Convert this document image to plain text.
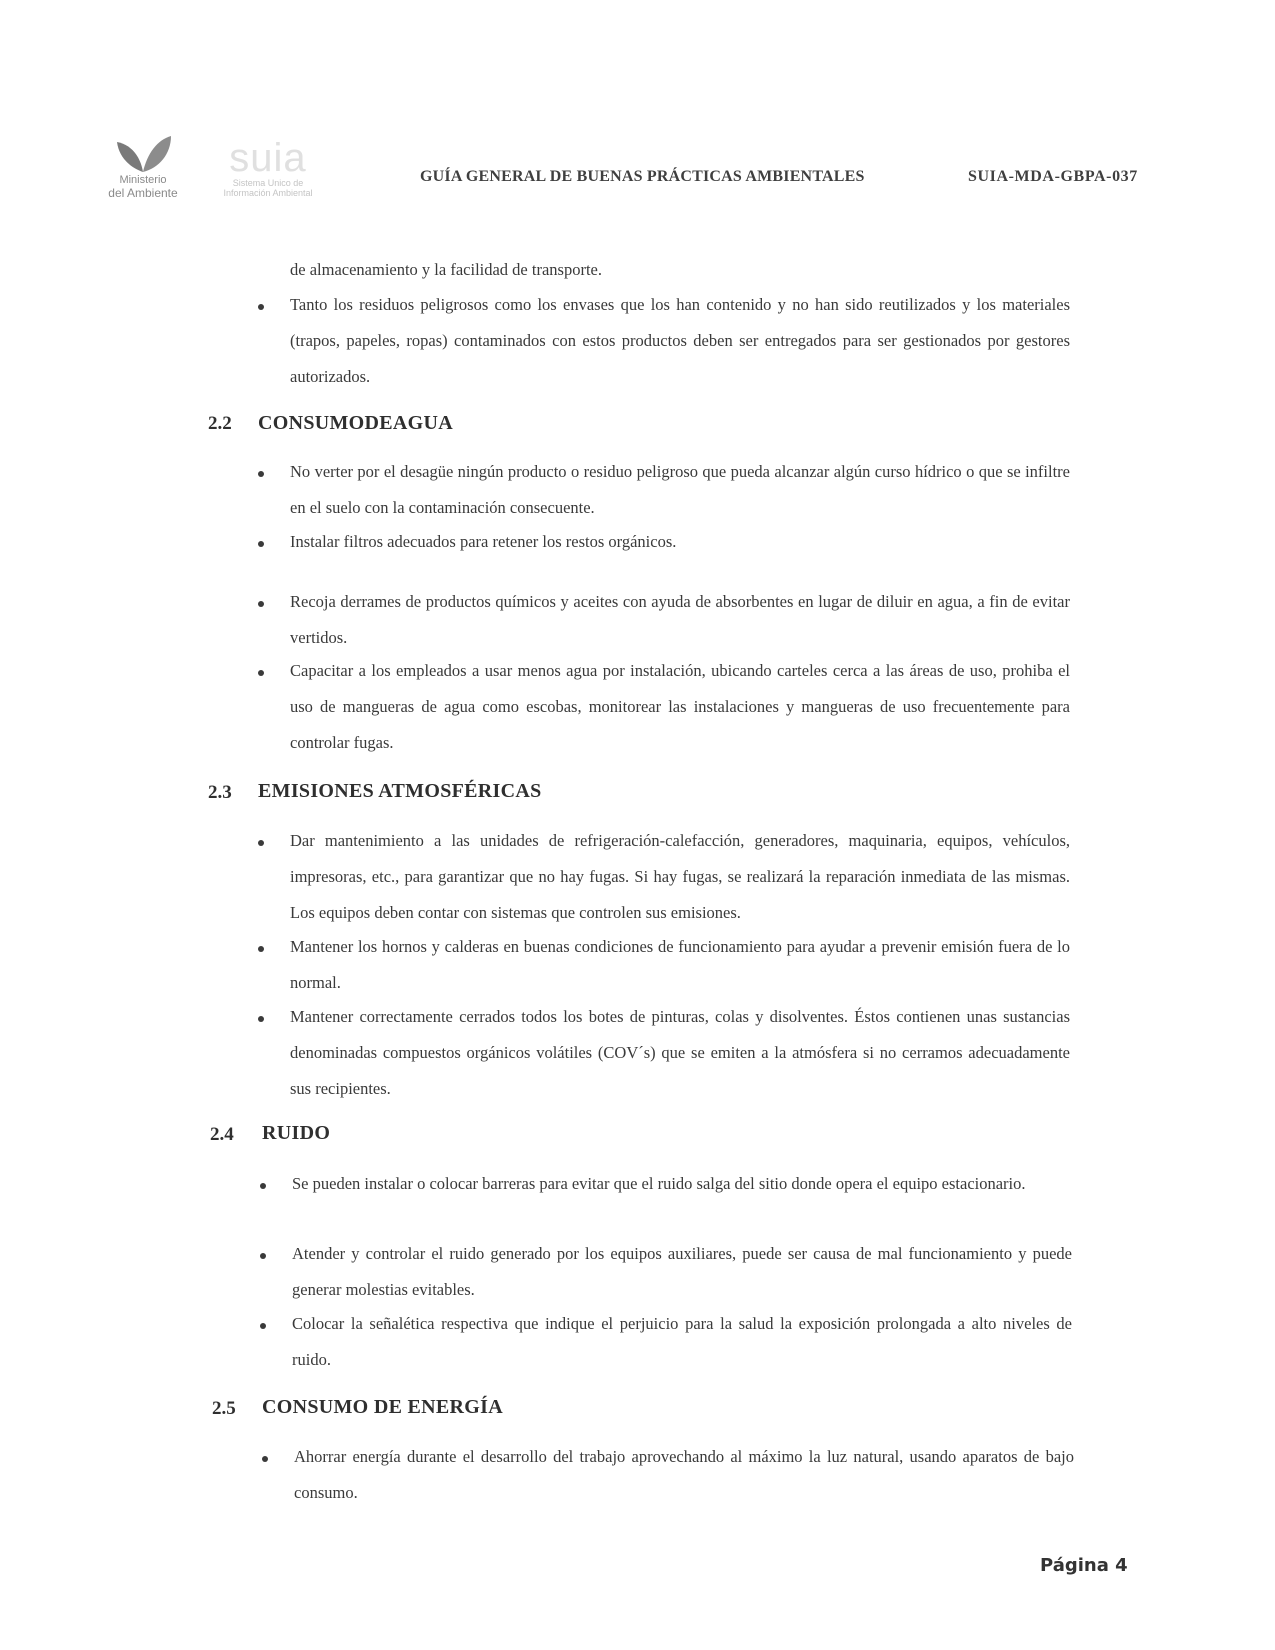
Ministerio
del Ambiente
suia
Sistema Unico de
Información Ambiental
GUÍA GENERAL DE BUENAS PRÁCTICAS AMBIENTALES	SUIA-MDA-GBPA-037
de almacenamiento y la facilidad de transporte.
Tanto los residuos peligrosos como los envases que los han contenido y no han sido reutilizados y los materiales (trapos, papeles, ropas) contaminados con estos productos deben ser entregados para ser gestionados por gestores autorizados.
2.2 CONSUMODEAGUA
No verter por el desagüe ningún producto o residuo peligroso que pueda alcanzar algún curso hídrico o que se infiltre en el suelo con la contaminación consecuente.
Instalar filtros adecuados para retener los restos orgánicos.
Recoja derrames de productos químicos y aceites con ayuda de absorbentes en lugar de diluir en agua, a fin de evitar vertidos.
Capacitar a los empleados a usar menos agua por instalación, ubicando carteles cerca a las áreas de uso, prohiba el uso de mangueras de agua como escobas, monitorear las instalaciones y mangueras de uso frecuentemente para controlar fugas.
2.3 EMISIONES ATMOSFÉRICAS
Dar mantenimiento a las unidades de refrigeración-calefacción, generadores, maquinaria, equipos, vehículos, impresoras, etc., para garantizar que no hay fugas. Si hay fugas, se realizará la reparación inmediata de las mismas. Los equipos deben contar con sistemas que controlen sus emisiones.
Mantener los hornos y calderas en buenas condiciones de funcionamiento para ayudar a prevenir emisión fuera de lo normal.
Mantener correctamente cerrados todos los botes de pinturas, colas y disolventes. Éstos contienen unas sustancias denominadas compuestos orgánicos volátiles (COV´s) que se emiten a la atmósfera si no cerramos adecuadamente sus recipientes.
2.4 RUIDO
Se pueden instalar o colocar barreras para evitar que el ruido salga del sitio donde opera el equipo estacionario.
Atender y controlar el ruido generado por los equipos auxiliares, puede ser causa de mal funcionamiento y puede generar molestias evitables.
Colocar la señalética respectiva que indique el perjuicio para la salud la exposición prolongada a alto niveles de ruido.
2.5 CONSUMO DE ENERGÍA
Ahorrar energía durante el desarrollo del trabajo aprovechando al máximo la luz natural, usando aparatos de bajo consumo.
Página 4
